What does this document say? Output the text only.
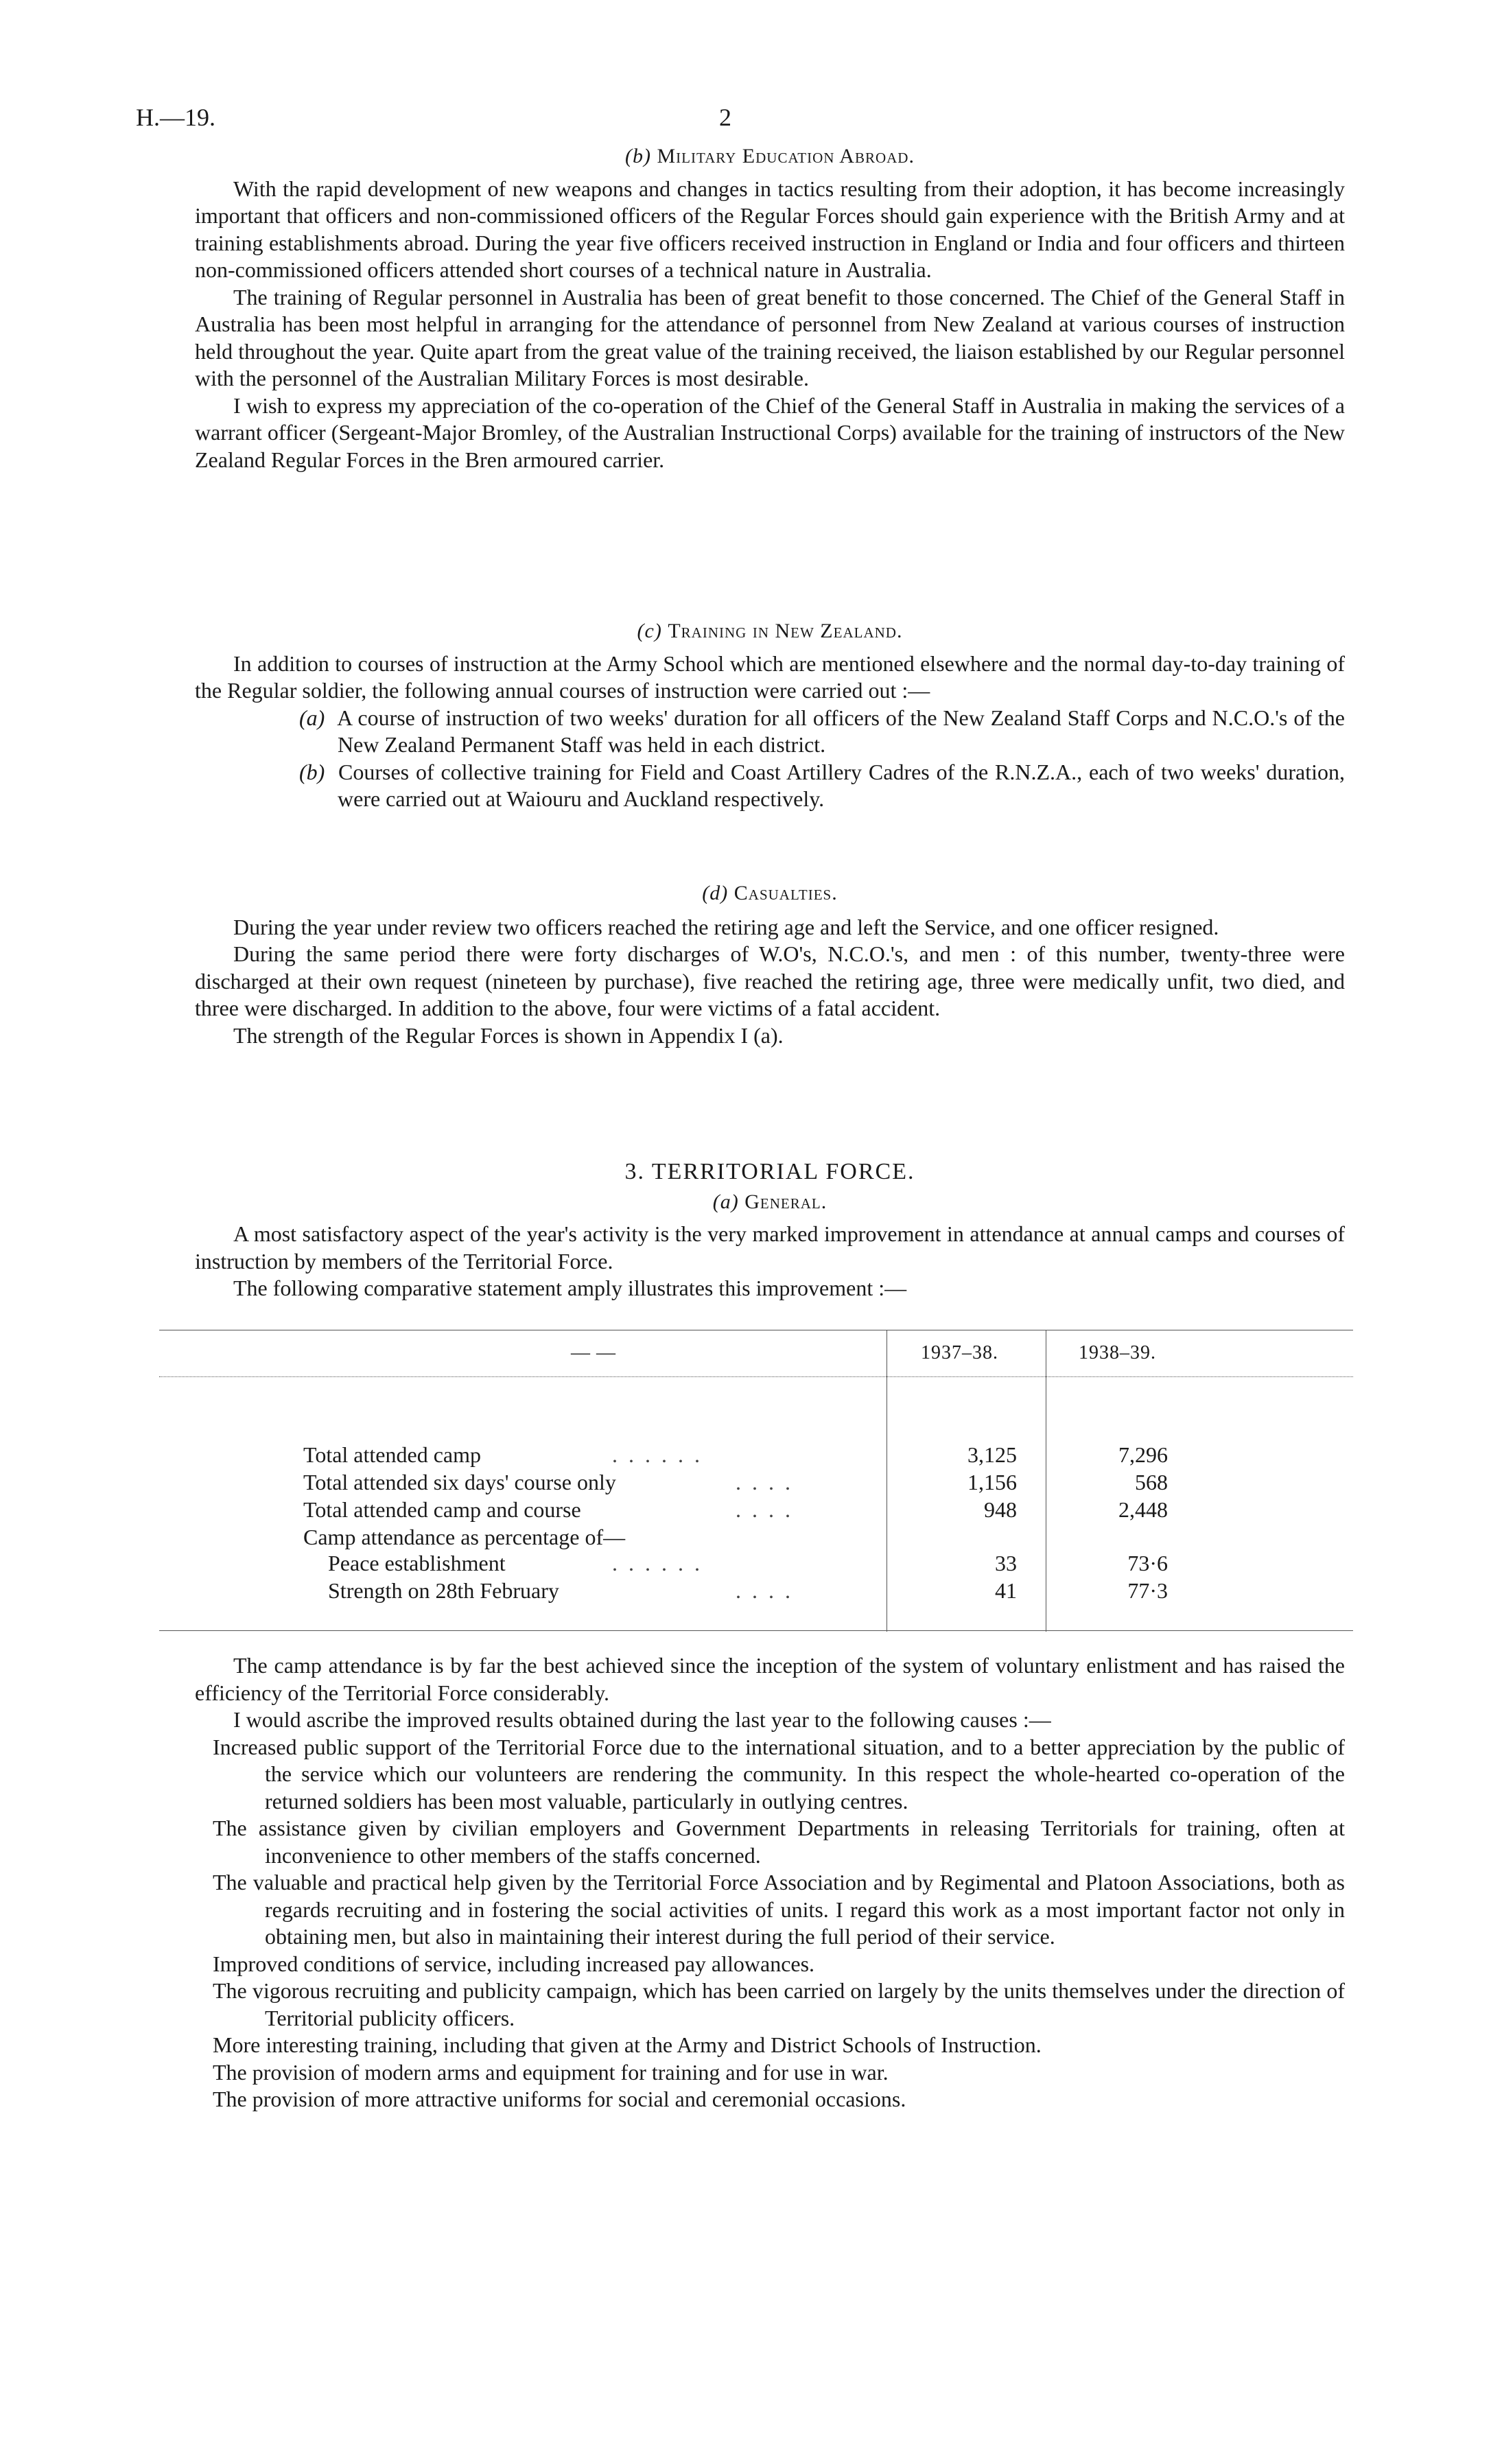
H.—19.	2

(b) Military Education Abroad.

With the rapid development of new weapons and changes in tactics resulting from their adoption, it has become increasingly important that officers and non-commissioned officers of the Regular Forces should gain experience with the British Army and at training establishments abroad. During the year five officers received instruction in England or India and four officers and thirteen non-commissioned officers attended short courses of a technical nature in Australia.

The training of Regular personnel in Australia has been of great benefit to those concerned. The Chief of the General Staff in Australia has been most helpful in arranging for the attendance of personnel from New Zealand at various courses of instruction held throughout the year. Quite apart from the great value of the training received, the liaison established by our Regular personnel with the personnel of the Australian Military Forces is most desirable.

I wish to express my appreciation of the co-operation of the Chief of the General Staff in Australia in making the services of a warrant officer (Sergeant-Major Bromley, of the Australian Instructional Corps) available for the training of instructors of the New Zealand Regular Forces in the Bren armoured carrier.

(c) Training in New Zealand.

In addition to courses of instruction at the Army School which are mentioned elsewhere and the normal day-to-day training of the Regular soldier, the following annual courses of instruction were carried out :—

(a) A course of instruction of two weeks' duration for all officers of the New Zealand Staff Corps and N.C.O.'s of the New Zealand Permanent Staff was held in each district.

(b) Courses of collective training for Field and Coast Artillery Cadres of the R.N.Z.A., each of two weeks' duration, were carried out at Waiouru and Auckland respectively.

(d) Casualties.

During the year under review two officers reached the retiring age and left the Service, and one officer resigned.

During the same period there were forty discharges of W.O's, N.C.O.'s, and men : of this number, twenty-three were discharged at their own request (nineteen by purchase), five reached the retiring age, three were medically unfit, two died, and three were discharged. In addition to the above, four were victims of a fatal accident.

The strength of the Regular Forces is shown in Appendix I (a).

3. TERRITORIAL FORCE.

(a) General.

A most satisfactory aspect of the year's activity is the very marked improvement in attendance at annual camps and courses of instruction by members of the Territorial Force.

The following comparative statement amply illustrates this improvement :—

— —	1937–38.	1938–39.
Total attended camp	. . . . . .	3,125	7,296
Total attended six days' course only	. . . .	1,156	568
Total attended camp and course	. . . .	948	2,448
Camp attendance as percentage of—
Peace establishment	. . . . . .	33	73·6
Strength on 28th February	. . . .	41	77·3

The camp attendance is by far the best achieved since the inception of the system of voluntary enlistment and has raised the efficiency of the Territorial Force considerably.

I would ascribe the improved results obtained during the last year to the following causes :—

Increased public support of the Territorial Force due to the international situation, and to a better appreciation by the public of the service which our volunteers are rendering the community. In this respect the whole-hearted co-operation of the returned soldiers has been most valuable, particularly in outlying centres.

The assistance given by civilian employers and Government Departments in releasing Territorials for training, often at inconvenience to other members of the staffs concerned.

The valuable and practical help given by the Territorial Force Association and by Regimental and Platoon Associations, both as regards recruiting and in fostering the social activities of units. I regard this work as a most important factor not only in obtaining men, but also in maintaining their interest during the full period of their service.

Improved conditions of service, including increased pay allowances.

The vigorous recruiting and publicity campaign, which has been carried on largely by the units themselves under the direction of Territorial publicity officers.

More interesting training, including that given at the Army and District Schools of Instruction.

The provision of modern arms and equipment for training and for use in war.

The provision of more attractive uniforms for social and ceremonial occasions.
